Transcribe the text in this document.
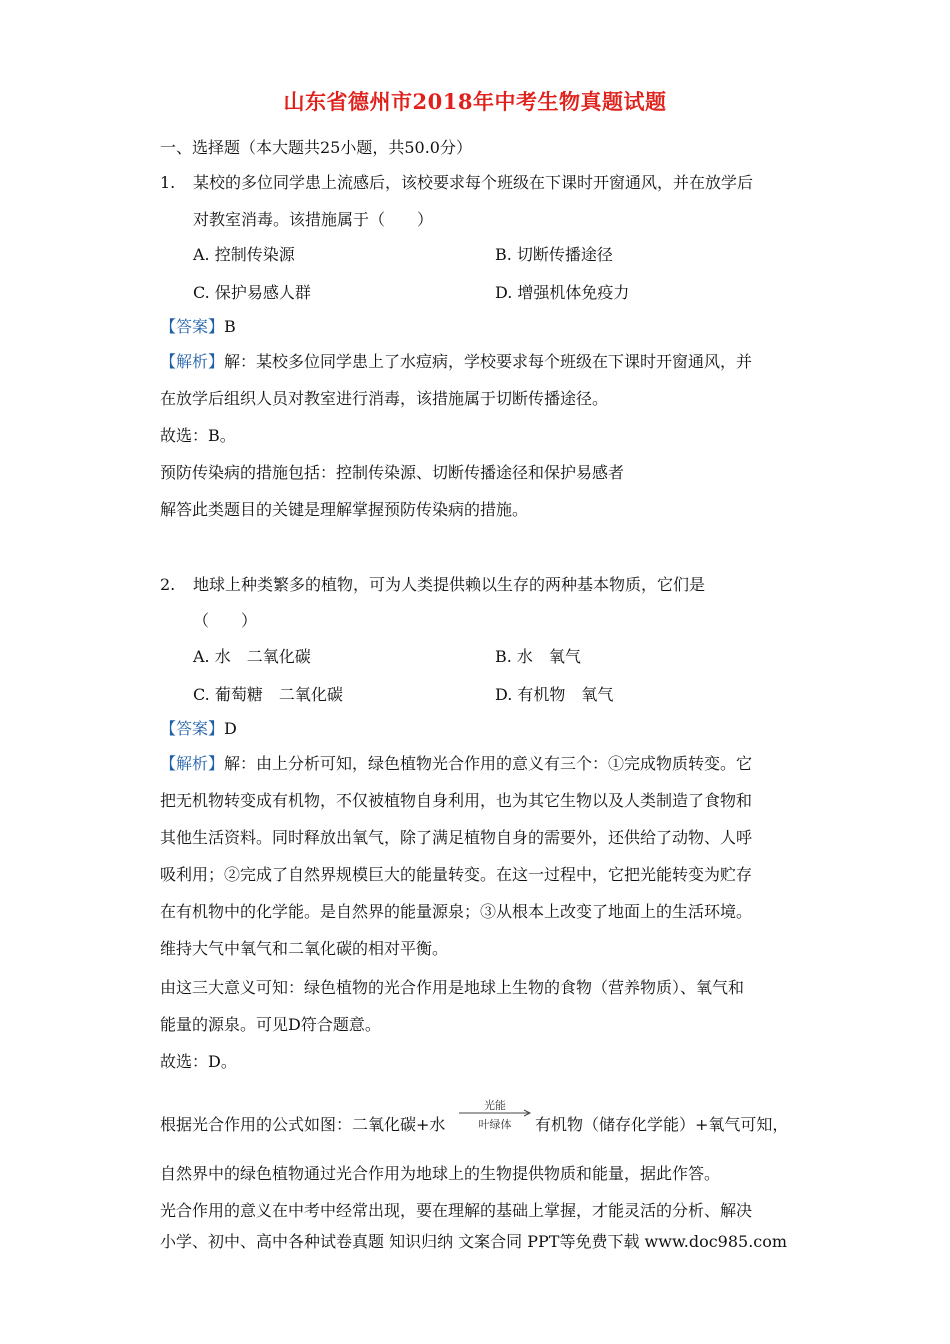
山东省德州市2018年中考生物真题试题
一、选择题（本大题共25小题，共50.0分）
1. 某校的多位同学患上流感后，该校要求每个班级在下课时开窗通风，并在放学后
对教室消毒。该措施属于（　　）
A. 控制传染源	B. 切断传播途径
C. 保护易感人群	D. 增强机体免疫力
【答案】B
【解析】解：某校多位同学患上了水痘病，学校要求每个班级在下课时开窗通风，并
在放学后组织人员对教室进行消毒，该措施属于切断传播途径。
故选：B。
预防传染病的措施包括：控制传染源、切断传播途径和保护易感者
解答此类题目的关键是理解掌握预防传染病的措施。
2. 地球上种类繁多的植物，可为人类提供赖以生存的两种基本物质，它们是
（　　）
A. 水　二氧化碳	B. 水　氧气
C. 葡萄糖　二氧化碳	D. 有机物　氧气
【答案】D
【解析】解：由上分析可知，绿色植物光合作用的意义有三个：①完成物质转变。它
把无机物转变成有机物，不仅被植物自身利用，也为其它生物以及人类制造了食物和
其他生活资料。同时释放出氧气，除了满足植物自身的需要外，还供给了动物、人呼
吸利用；②完成了自然界规模巨大的能量转变。在这一过程中，它把光能转变为贮存
在有机物中的化学能。是自然界的能量源泉；③从根本上改变了地面上的生活环境。
维持大气中氧气和二氧化碳的相对平衡。
由这三大意义可知：绿色植物的光合作用是地球上生物的食物（营养物质）、氧气和
能量的源泉。可见D符合题意。
故选：D。
根据光合作用的公式如图：二氧化碳+水
光能
叶绿体	有机物（储存化学能）+氧气可知，
自然界中的绿色植物通过光合作用为地球上的生物提供物质和能量，据此作答。
光合作用的意义在中考中经常出现，要在理解的基础上掌握，才能灵活的分析、解决
小学、初中、高中各种试卷真题 知识归纳 文案合同 PPT等免费下载 www.doc985.com
